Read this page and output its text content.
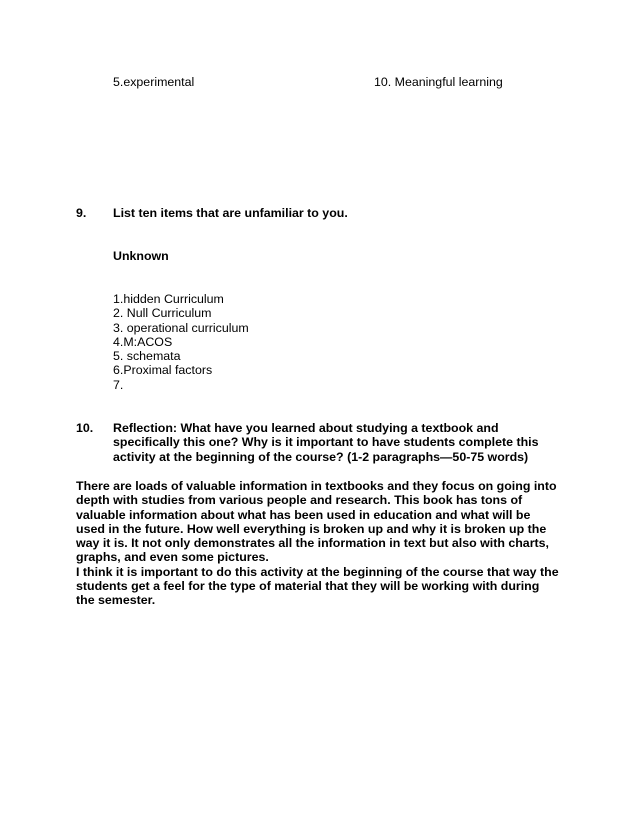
5.experimental	10. Meaningful learning
9. List ten items that are unfamiliar to you.
Unknown
1.hidden Curriculum
2. Null Curriculum
3. operational curriculum
4.M:ACOS
5. schemata
6.Proximal factors
7.
10. Reflection: What have you learned about studying a textbook and
specifically this one? Why is it important to have students complete this
activity at the beginning of the course? (1-2 paragraphs—50-75 words)
There are loads of valuable information in textbooks and they focus on going into
depth with studies from various people and research. This book has tons of
valuable information about what has been used in education and what will be
used in the future. How well everything is broken up and why it is broken up the
way it is. It not only demonstrates all the information in text but also with charts,
graphs, and even some pictures.
I think it is important to do this activity at the beginning of the course that way the
students get a feel for the type of material that they will be working with during
the semester.
